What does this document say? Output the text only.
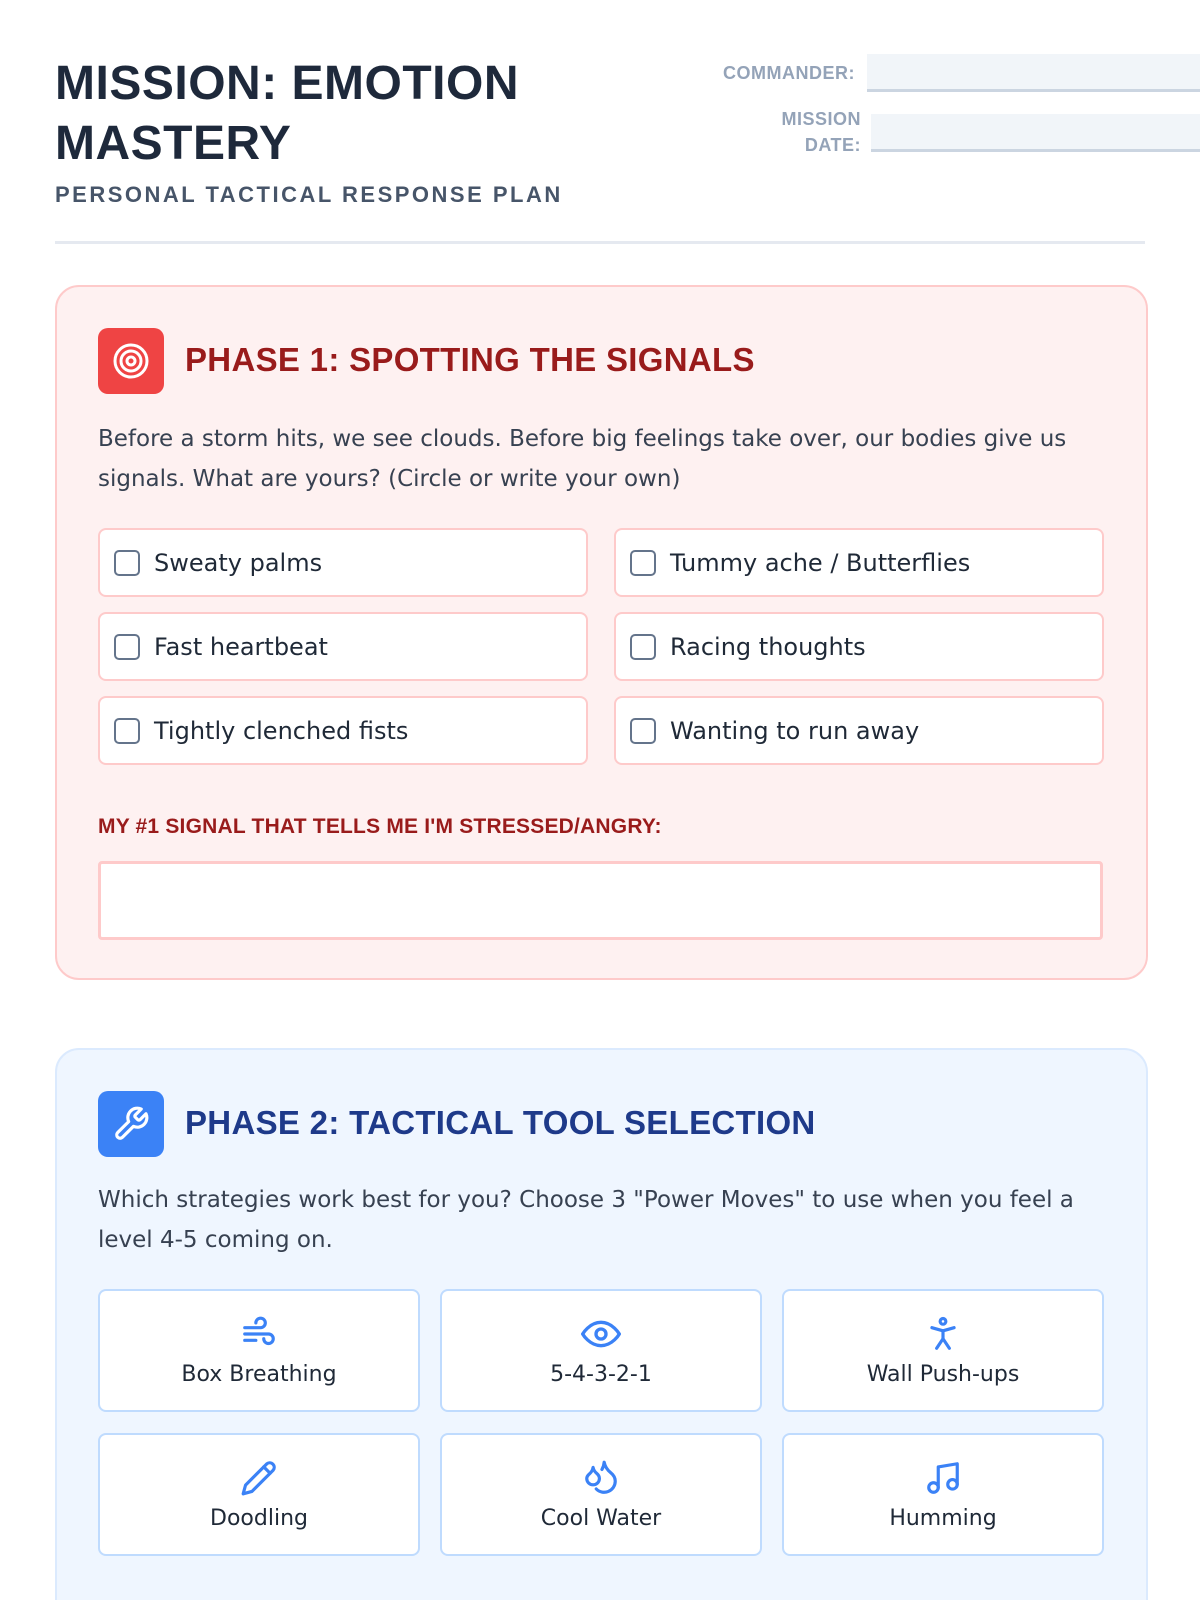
MISSION: EMOTION MASTERY
PERSONAL TACTICAL RESPONSE PLAN
COMMANDER:
MISSION DATE:
PHASE 1: SPOTTING THE SIGNALS
Before a storm hits, we see clouds. Before big feelings take over, our bodies give us signals. What are yours? (Circle or write your own)
Sweaty palms	Tummy ache / Butterflies
Fast heartbeat	Racing thoughts
Tightly clenched fists	Wanting to run away
MY #1 SIGNAL THAT TELLS ME I'M STRESSED/ANGRY:
PHASE 2: TACTICAL TOOL SELECTION
Which strategies work best for you? Choose 3 "Power Moves" to use when you feel a level 4-5 coming on.
Box Breathing	5-4-3-2-1	Wall Push-ups
Doodling	Cool Water	Humming
